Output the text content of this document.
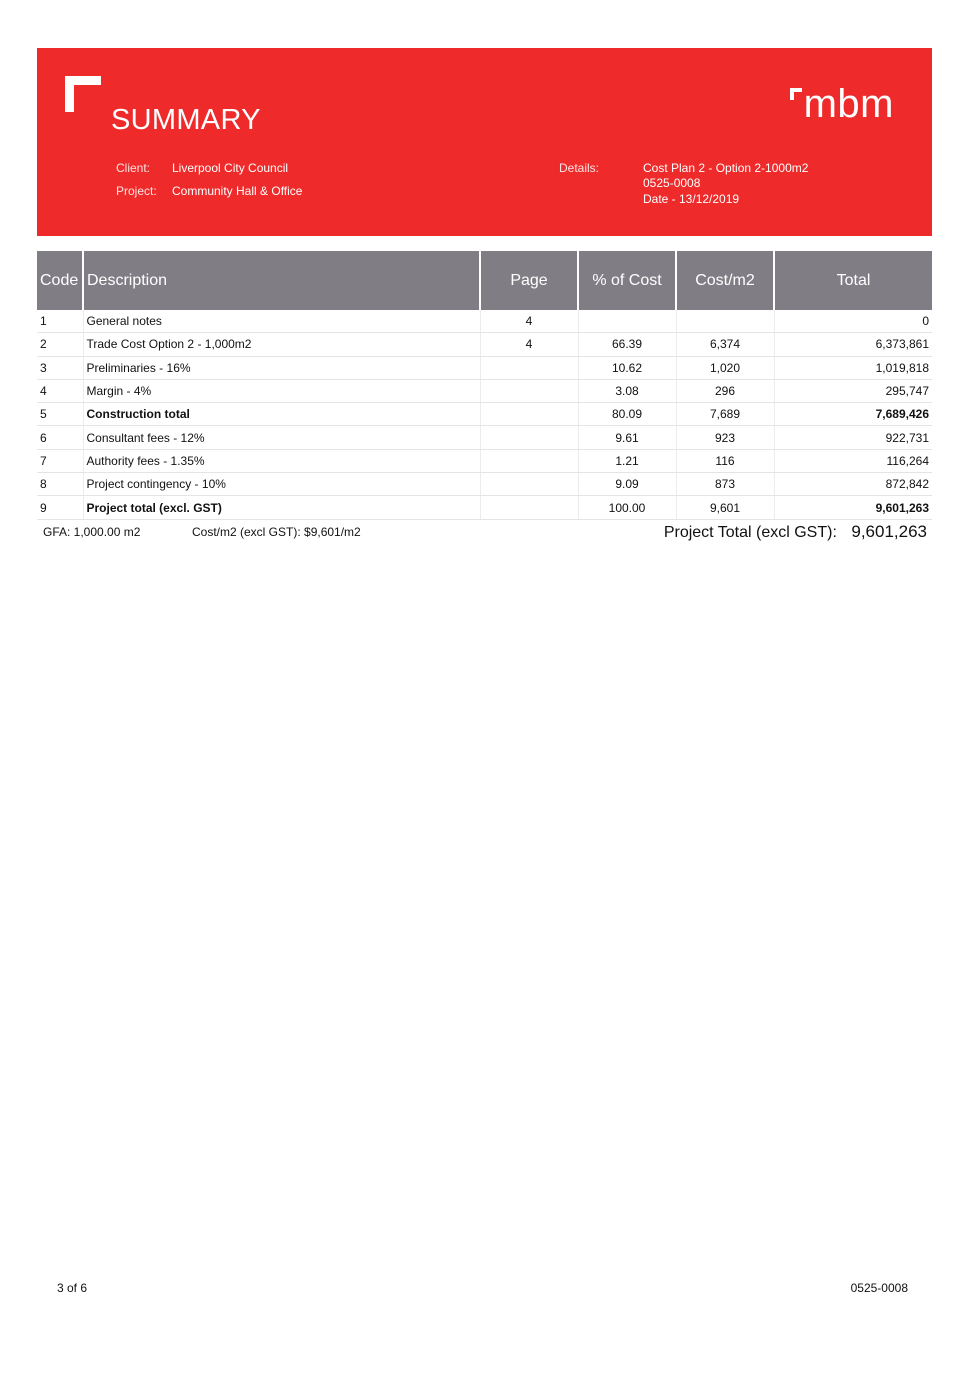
SUMMARY	mbm
Client: Liverpool City Council
Project: Community Hall & Office
Details:	Cost Plan 2 - Option 2-1000m2
0525-0008
Date - 13/12/2019
Code	Description	Page	% of Cost	Cost/m2	Total
1	General notes	4			0
2	Trade Cost Option 2 - 1,000m2	4	66.39	6,374	6,373,861
3	Preliminaries - 16%		10.62	1,020	1,019,818
4	Margin - 4%		3.08	296	295,747
5	Construction total		80.09	7,689	7,689,426
6	Consultant fees - 12%		9.61	923	922,731
7	Authority fees - 1.35%		1.21	116	116,264
8	Project contingency - 10%		9.09	873	872,842
9	Project total (excl. GST)		100.00	9,601	9,601,263
GFA: 1,000.00 m2	Cost/m2 (excl GST): $9,601/m2	Project Total (excl GST): 9,601,263
3 of 6	0525-0008
